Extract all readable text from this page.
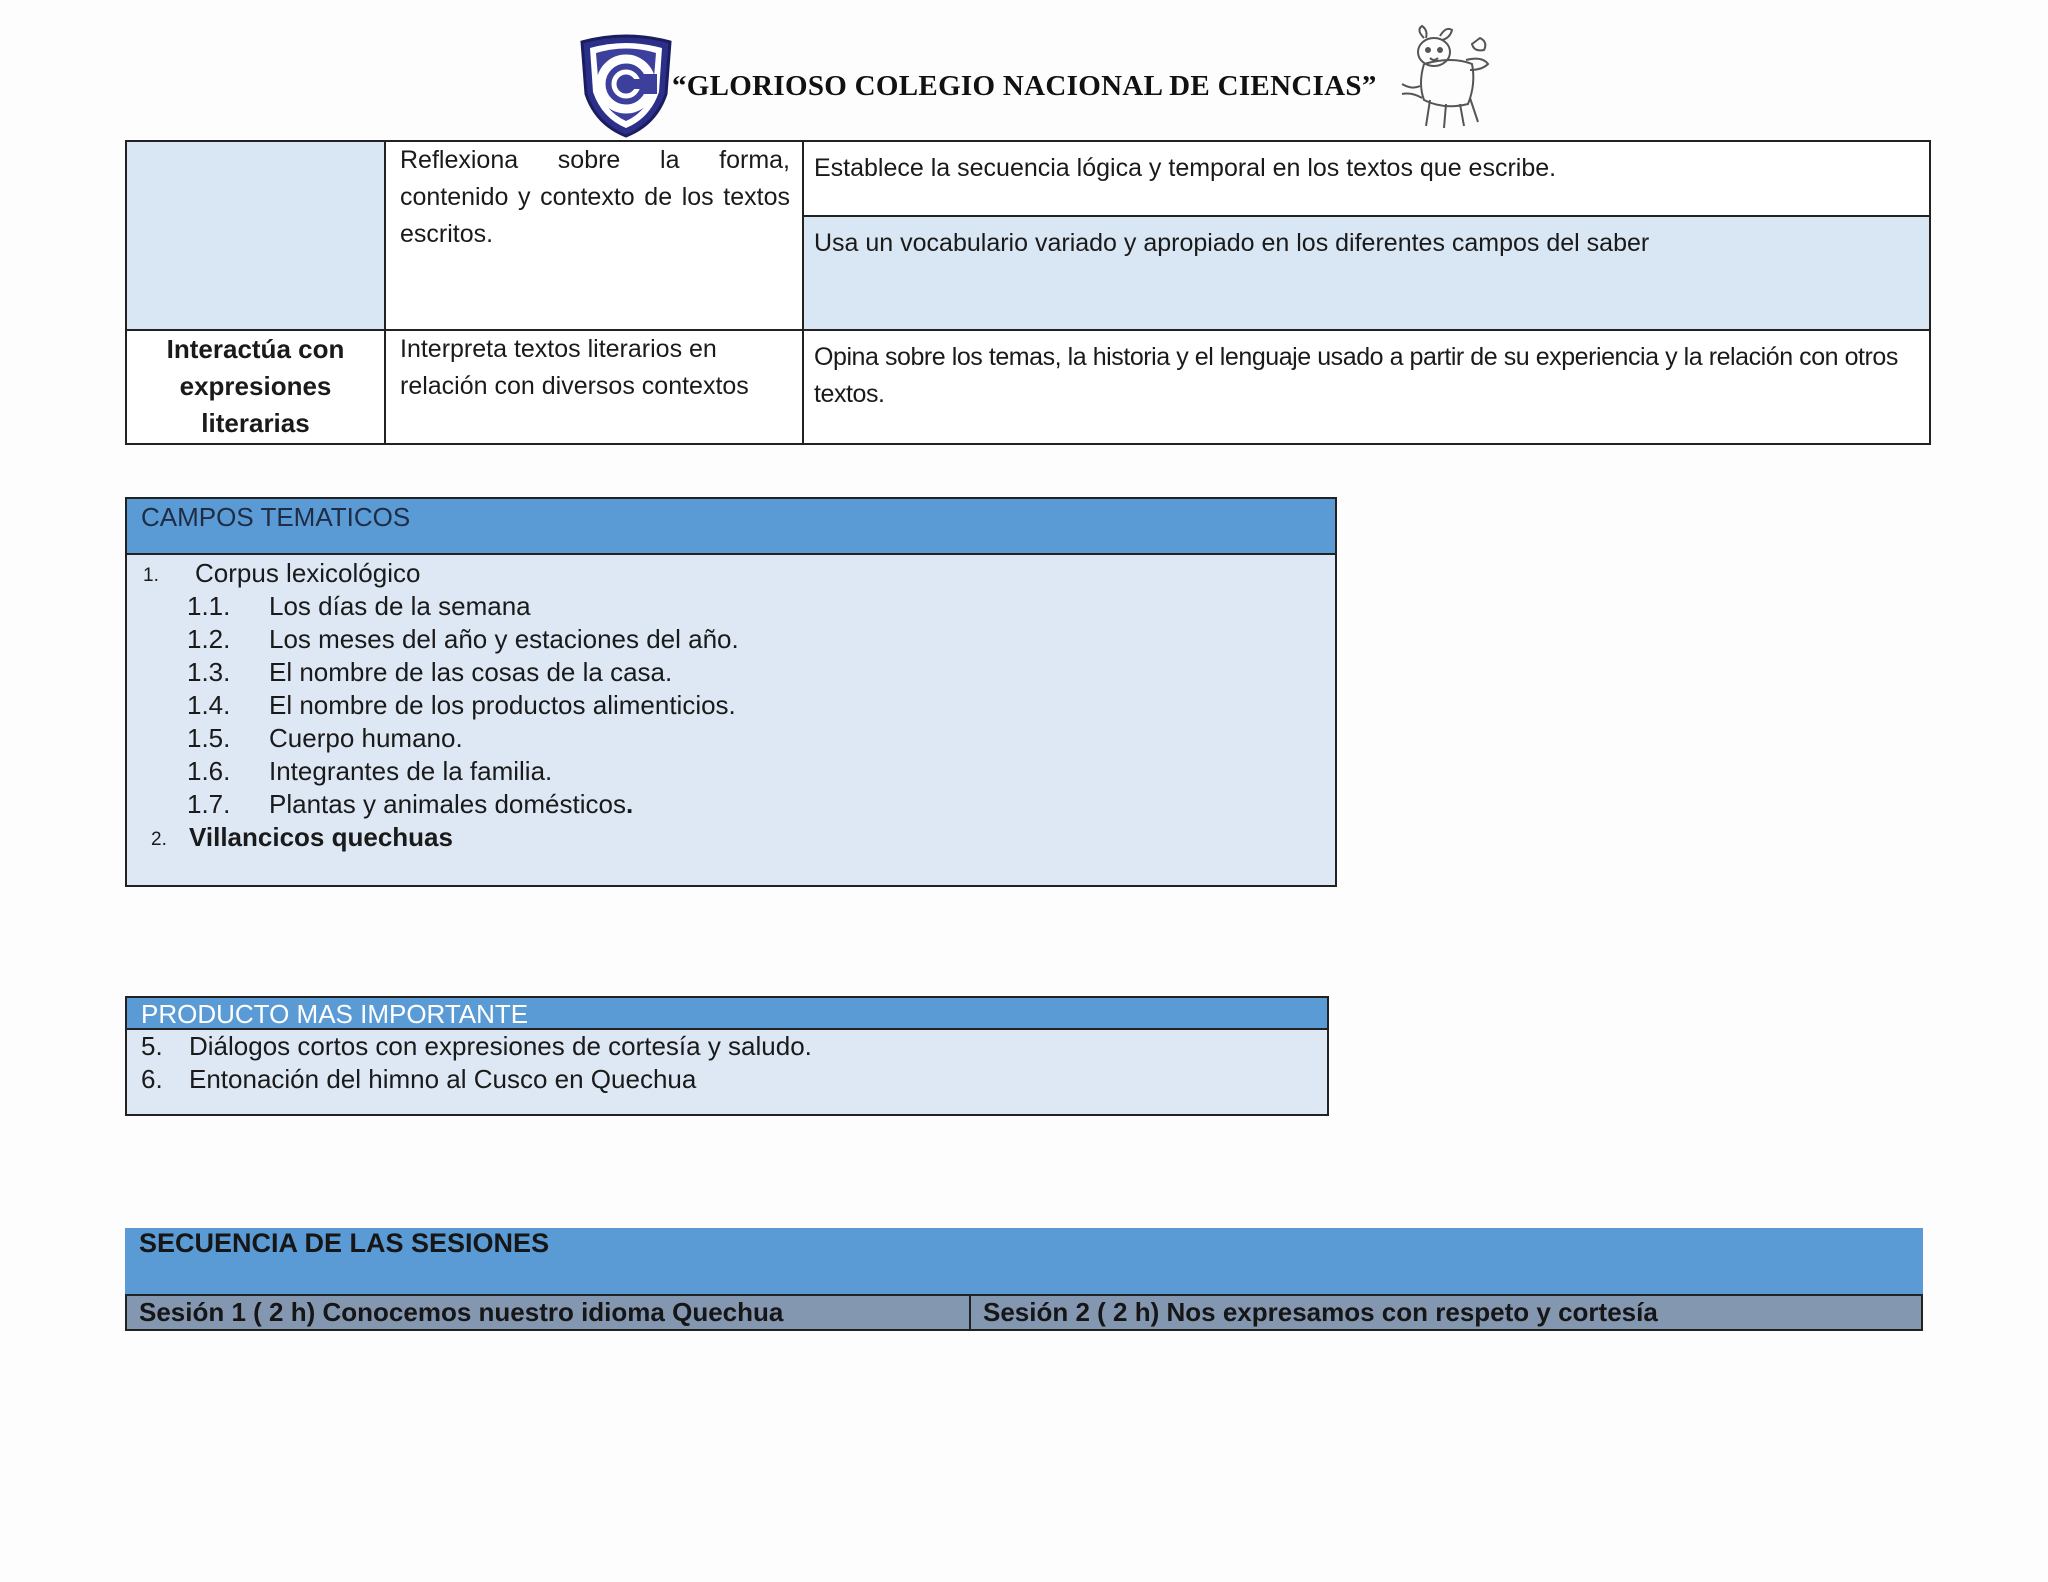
“GLORIOSO COLEGIO NACIONAL DE CIENCIAS”
	Reflexiona sobre la forma, contenido y contexto de los textos escritos.	Establece la secuencia lógica y temporal en los textos que escribe.
		Usa un vocabulario variado y apropiado en los diferentes campos del saber
Interactúa con expresiones literarias	Interpreta textos literarios en relación con diversos contextos	Opina sobre los temas, la historia y el lenguaje usado a partir de su experiencia y la relación con otros textos.
CAMPOS TEMATICOS
1. Corpus lexicológico
1.1. Los días de la semana
1.2. Los meses del año y estaciones del año.
1.3. El nombre de las cosas de la casa.
1.4. El nombre de los productos alimenticios.
1.5. Cuerpo humano.
1.6. Integrantes de la familia.
1.7. Plantas y animales domésticos.
2. Villancicos quechuas
PRODUCTO MAS IMPORTANTE
5. Diálogos cortos con expresiones de cortesía y saludo.
6. Entonación del himno al Cusco en Quechua
SECUENCIA DE LAS SESIONES
Sesión 1 ( 2 h) Conocemos nuestro idioma Quechua	Sesión 2 ( 2 h) Nos expresamos con respeto y cortesía
